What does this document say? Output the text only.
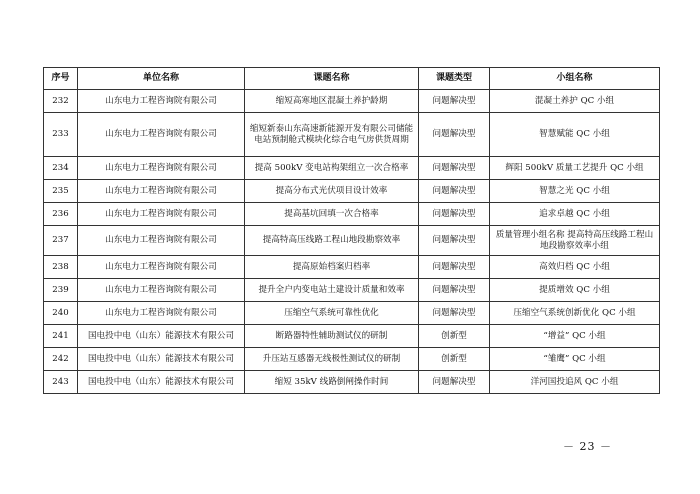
序号	单位名称	课题名称	课题类型	小组名称
232	山东电力工程咨询院有限公司	缩短高寒地区混凝土养护龄期	问题解决型	混凝土养护 QC 小组
233	山东电力工程咨询院有限公司	缩短新泰山东高速新能源开发有限公司储能电站预制舱式模块化综合电气房供货周期	问题解决型	智慧赋能 QC 小组
234	山东电力工程咨询院有限公司	提高 500kV 变电站构架组立一次合格率	问题解决型	辉阳 500kV 质量工艺提升 QC 小组
235	山东电力工程咨询院有限公司	提高分布式光伏项目设计效率	问题解决型	智慧之光 QC 小组
236	山东电力工程咨询院有限公司	提高基坑回填一次合格率	问题解决型	追求卓越 QC 小组
237	山东电力工程咨询院有限公司	提高特高压线路工程山地段勘察效率	问题解决型	质量管理小组名称 提高特高压线路工程山地段勘察效率小组
238	山东电力工程咨询院有限公司	提高原始档案归档率	问题解决型	高效归档 QC 小组
239	山东电力工程咨询院有限公司	提升全户内变电站土建设计质量和效率	问题解决型	提质增效 QC 小组
240	山东电力工程咨询院有限公司	压缩空气系统可靠性优化	问题解决型	压缩空气系统创新优化 QC 小组
241	国电投中电（山东）能源技术有限公司	断路器特性辅助测试仪的研制	创新型	“增益” QC 小组
242	国电投中电（山东）能源技术有限公司	升压站互感器无线极性测试仪的研制	创新型	“雏鹰” QC 小组
243	国电投中电（山东）能源技术有限公司	缩短 35kV 线路倒闸操作时间	问题解决型	洋河国投追风 QC 小组
－ 23 －
